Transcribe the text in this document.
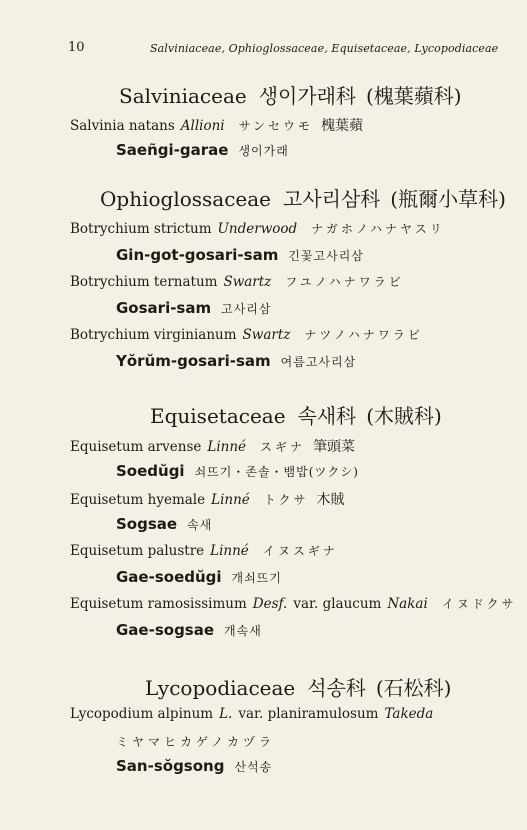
10	Salviniaceae, Ophioglossaceae, Equisetaceae, Lycopodiaceae
Salviniaceae 생이가래科 (槐葉蘋科)
Salvinia natans Allioni サンセウモ 槐葉蘋
Saeñgi-garae 생이가래
Ophioglossaceae 고사리삼科 (瓶爾小草科)
Botrychium strictum Underwood ナガホノハナヤスリ
Gin-got-gosari-sam 긴꽃고사리삼
Botrychium ternatum Swartz フユノハナワラビ
Gosari-sam 고사리삼
Botrychium virginianum Swartz ナツノハナワラビ
Yŏrŭm-gosari-sam 여름고사리삼
Equisetaceae 속새科 (木賊科)
Equisetum arvense Linné スギナ 筆頭菜
Soedŭgi 쇠뜨기・존솔・뱀밥(ツクシ)
Equisetum hyemale Linné トクサ 木賊
Sogsae 속새
Equisetum palustre Linné イヌスギナ
Gae-soedŭgi 개쇠뜨기
Equisetum ramosissimum Desf. var. glaucum Nakai イヌドクサ
Gae-sogsae 개속새
Lycopodiaceae 석송科 (石松科)
Lycopodium alpinum L. var. planiramulosum Takeda
ミヤマヒカゲノカヅラ
San-sŏgsong 산석송
